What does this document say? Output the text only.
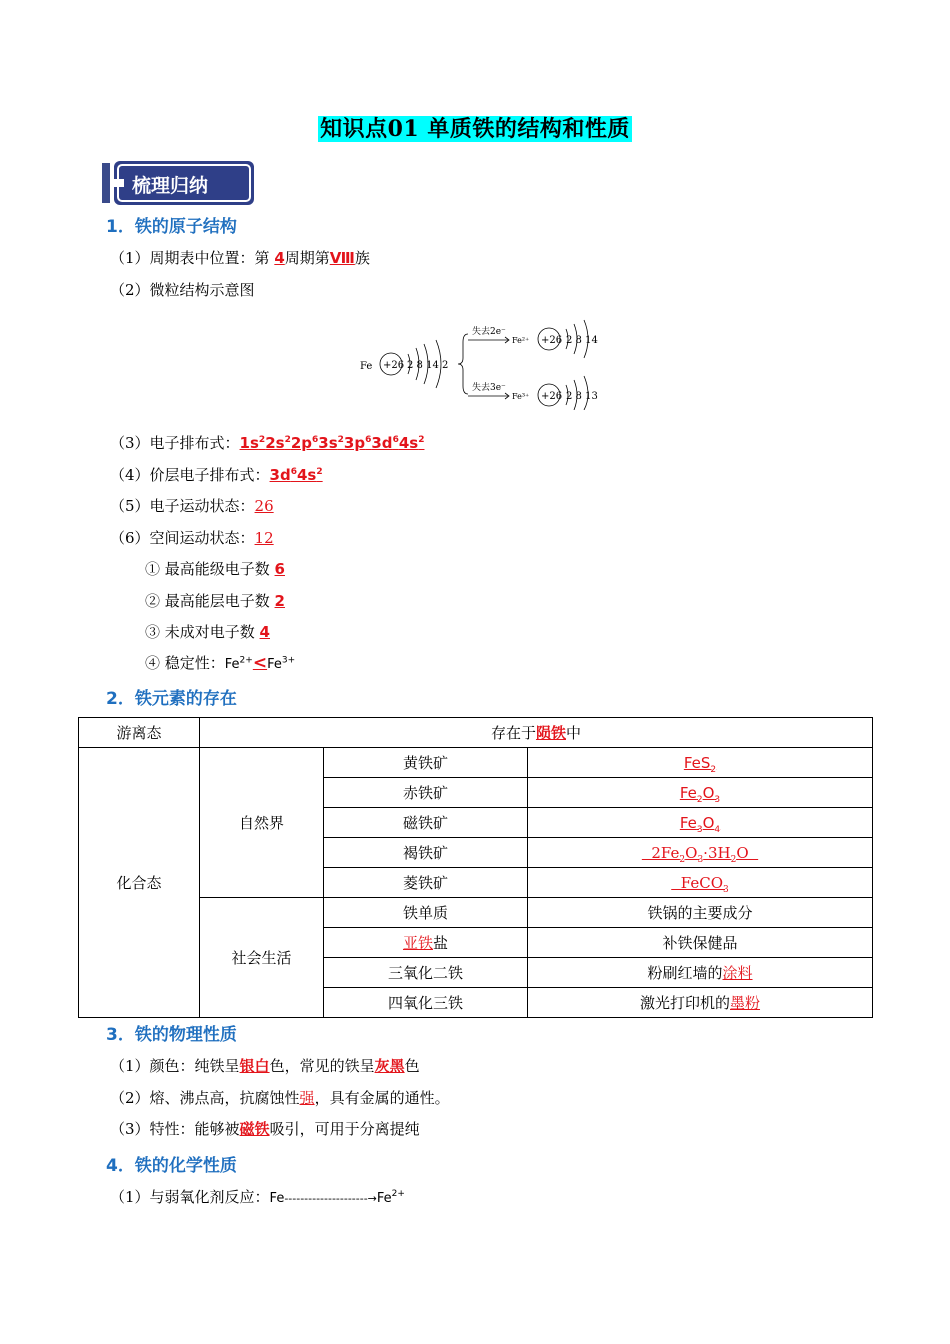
知识点01 单质铁的结构和性质
梳理归纳
1．铁的原子结构
（1）周期表中位置：第 4周期第Ⅷ族
（2）微粒结构示意图
Fe +26 2 8 14 2
失去2e⁻
Fe²⁺ +26 2 8 14
失去3e⁻
Fe³⁺ +26 2 8 13
（3）电子排布式：$1s^22s^22p^63s^23p^63d^64s^2$
（4）价层电子排布式：$3d^64s^2$
（5）电子运动状态：26
（6）空间运动状态：12
① 最高能级电子数 6
② 最高能层电子数 2
③ 未成对电子数 4
④ 稳定性：$Fe^{2+}<Fe^{3+}$
2．铁元素的存在
游离态	存在于陨铁中		
化合态	自然界	黄铁矿	FeS$_2$
		赤铁矿	$Fe_2O_3$
		磁铁矿	$Fe_3O_4$
		褐铁矿	$2Fe_2O_3\cdot 3H_2O$
		菱铁矿	FeCO$_3$
	社会生活	铁单质	铁锅的主要成分
		亚铁盐	补铁保健品
		三氧化二铁	粉刷红墙的涂料
		四氧化三铁	激光打印机的墨粉
3．铁的物理性质
（1）颜色：纯铁呈银白色，常见的铁呈灰黑色
（2）熔、沸点高，抗腐蚀性强，具有金属的通性。
（3）特性：能够被磁铁吸引，可用于分离提纯
4．铁的化学性质
（1）与弱氧化剂反应：$Fe---------------------\to Fe^{2+}$
